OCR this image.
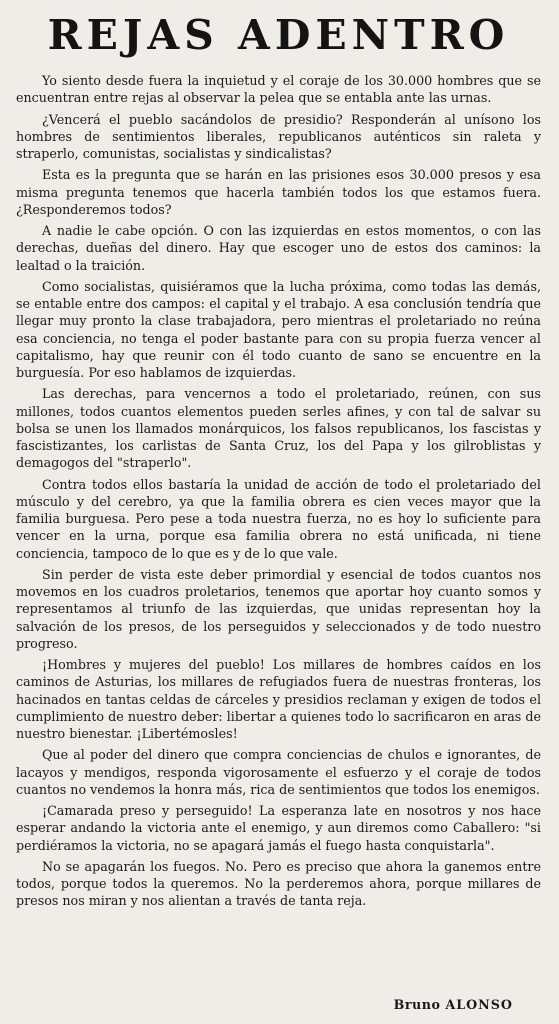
REJAS ADENTRO

Yo siento desde fuera la inquietud y el coraje de los 30.000 hombres que se encuentran entre rejas al observar la pelea que se entabla ante las urnas.

¿Vencerá el pueblo sacándolos de presidio? Responderán al unísono los hombres de sentimientos liberales, republicanos auténticos sin raleta y straperlo, comunistas, socialistas y sindicalistas?

Esta es la pregunta que se harán en las prisiones esos 30.000 presos y esa misma pregunta tenemos que hacerla también todos los que estamos fuera. ¿Responderemos todos?

A nadie le cabe opción. O con las izquierdas en estos momentos, o con las derechas, dueñas del dinero. Hay que escoger uno de estos dos caminos: la lealtad o la traición.

Como socialistas, quisiéramos que la lucha próxima, como todas las demás, se entable entre dos campos: el capital y el trabajo. A esa conclusión tendría que llegar muy pronto la clase trabajadora, pero mientras el proletariado no reúna esa conciencia, no tenga el poder bastante para con su propia fuerza vencer al capitalismo, hay que reunir con él todo cuanto de sano se encuentre en la burguesía. Por eso hablamos de izquierdas.

Las derechas, para vencernos a todo el proletariado, reúnen, con sus millones, todos cuantos elementos pueden serles afines, y con tal de salvar su bolsa se unen los llamados monárquicos, los falsos republicanos, los fascistas y fascistizantes, los carlistas de Santa Cruz, los del Papa y los gilroblistas y demagogos del "straperlo".

Contra todos ellos bastaría la unidad de acción de todo el proletariado del músculo y del cerebro, ya que la familia obrera es cien veces mayor que la familia burguesa. Pero pese a toda nuestra fuerza, no es hoy lo suficiente para vencer en la urna, porque esa familia obrera no está unificada, ni tiene conciencia, tampoco de lo que es y de lo que vale.

Sin perder de vista este deber primordial y esencial de todos cuantos nos movemos en los cuadros proletarios, tenemos que aportar hoy cuanto somos y representamos al triunfo de las izquierdas, que unidas representan hoy la salvación de los presos, de los perseguidos y seleccionados y de todo nuestro progreso.

¡Hombres y mujeres del pueblo! Los millares de hombres caídos en los caminos de Asturias, los millares de refugiados fuera de nuestras fronteras, los hacinados en tantas celdas de cárceles y presidios reclaman y exigen de todos el cumplimiento de nuestro deber: libertar a quienes todo lo sacrificaron en aras de nuestro bienestar. ¡Libertémosles!

Que al poder del dinero que compra conciencias de chulos e ignorantes, de lacayos y mendigos, responda vigorosamente el esfuerzo y el coraje de todos cuantos no vendemos la honra más, rica de sentimientos que todos los enemigos.

¡Camarada preso y perseguido! La esperanza late en nosotros y nos hace esperar andando la victoria ante el enemigo, y aun diremos como Caballero: "si perdiéramos la victoria, no se apagará jamás el fuego hasta conquistarla".

No se apagarán los fuegos. No. Pero es preciso que ahora la ganemos entre todos, porque todos la queremos. No la perderemos ahora, porque millares de presos nos miran y nos alientan a través de tanta reja.

Bruno ALONSO
